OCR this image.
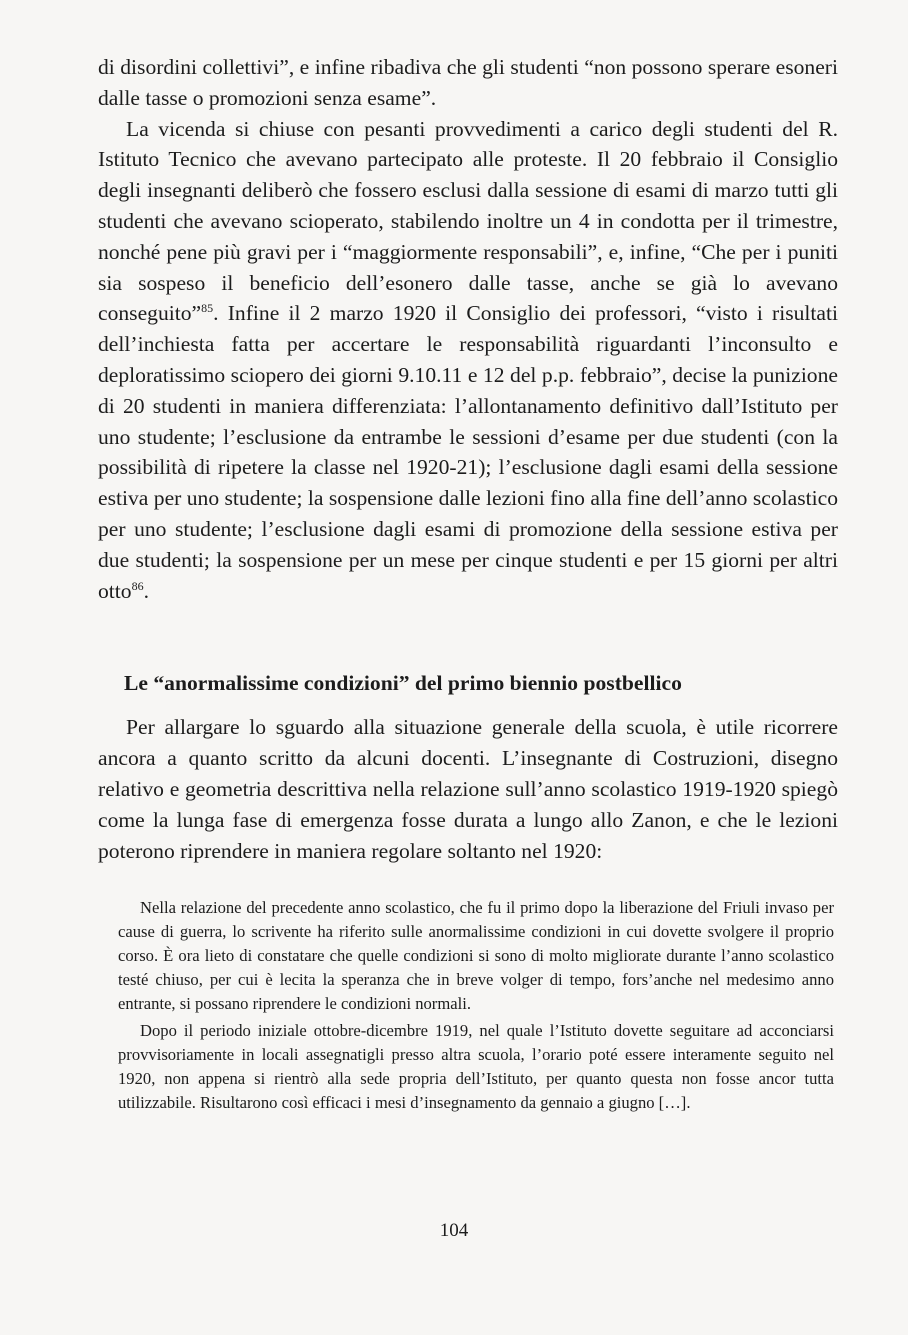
di disordini collettivi”, e infine ribadiva che gli studenti “non possono sperare esoneri dalle tasse o promozioni senza esame”.

La vicenda si chiuse con pesanti provvedimenti a carico degli studenti del R. Istituto Tecnico che avevano partecipato alle proteste. Il 20 febbraio il Consiglio degli insegnanti deliberò che fossero esclusi dalla sessione di esami di marzo tutti gli studenti che avevano scioperato, stabilendo inoltre un 4 in condotta per il trimestre, nonché pene più gravi per i “maggiormente responsabili”, e, infine, “Che per i puniti sia sospeso il beneficio dell’esonero dalle tasse, anche se già lo avevano conseguito”$^{85}$. Infine il 2 marzo 1920 il Consiglio dei professori, “visto i risultati dell’inchiesta fatta per accertare le responsabilità riguardanti l’inconsulto e deploratissimo sciopero dei giorni 9.10.11 e 12 del p.p. febbraio”, decise la punizione di 20 studenti in maniera differenziata: l’allontanamento definitivo dall’Istituto per uno studente; l’esclusione da entrambe le sessioni d’esame per due studenti (con la possibilità di ripetere la classe nel 1920-21); l’esclusione dagli esami della sessione estiva per uno studente; la sospensione dalle lezioni fino alla fine dell’anno scolastico per uno studente; l’esclusione dagli esami di promozione della sessione estiva per due studenti; la sospensione per un mese per cinque studenti e per 15 giorni per altri otto$^{86}$.

Le “anormalissime condizioni” del primo biennio postbellico

Per allargare lo sguardo alla situazione generale della scuola, è utile ricorrere ancora a quanto scritto da alcuni docenti. L’insegnante di Costruzioni, disegno relativo e geometria descrittiva nella relazione sull’anno scolastico 1919-1920 spiegò come la lunga fase di emergenza fosse durata a lungo allo Zanon, e che le lezioni poterono riprendere in maniera regolare soltanto nel 1920:

Nella relazione del precedente anno scolastico, che fu il primo dopo la liberazione del Friuli invaso per cause di guerra, lo scrivente ha riferito sulle anormalissime condizioni in cui dovette svolgere il proprio corso. È ora lieto di constatare che quelle condizioni si sono di molto migliorate durante l’anno scolastico testé chiuso, per cui è lecita la speranza che in breve volger di tempo, fors’anche nel medesimo anno entrante, si possano riprendere le condizioni normali.

Dopo il periodo iniziale ottobre-dicembre 1919, nel quale l’Istituto dovette seguitare ad acconciarsi provvisoriamente in locali assegnatigli presso altra scuola, l’orario poté essere interamente seguito nel 1920, non appena si rientrò alla sede propria dell’Istituto, per quanto questa non fosse ancor tutta utilizzabile. Risultarono così efficaci i mesi d’insegnamento da gennaio a giugno […].

104
